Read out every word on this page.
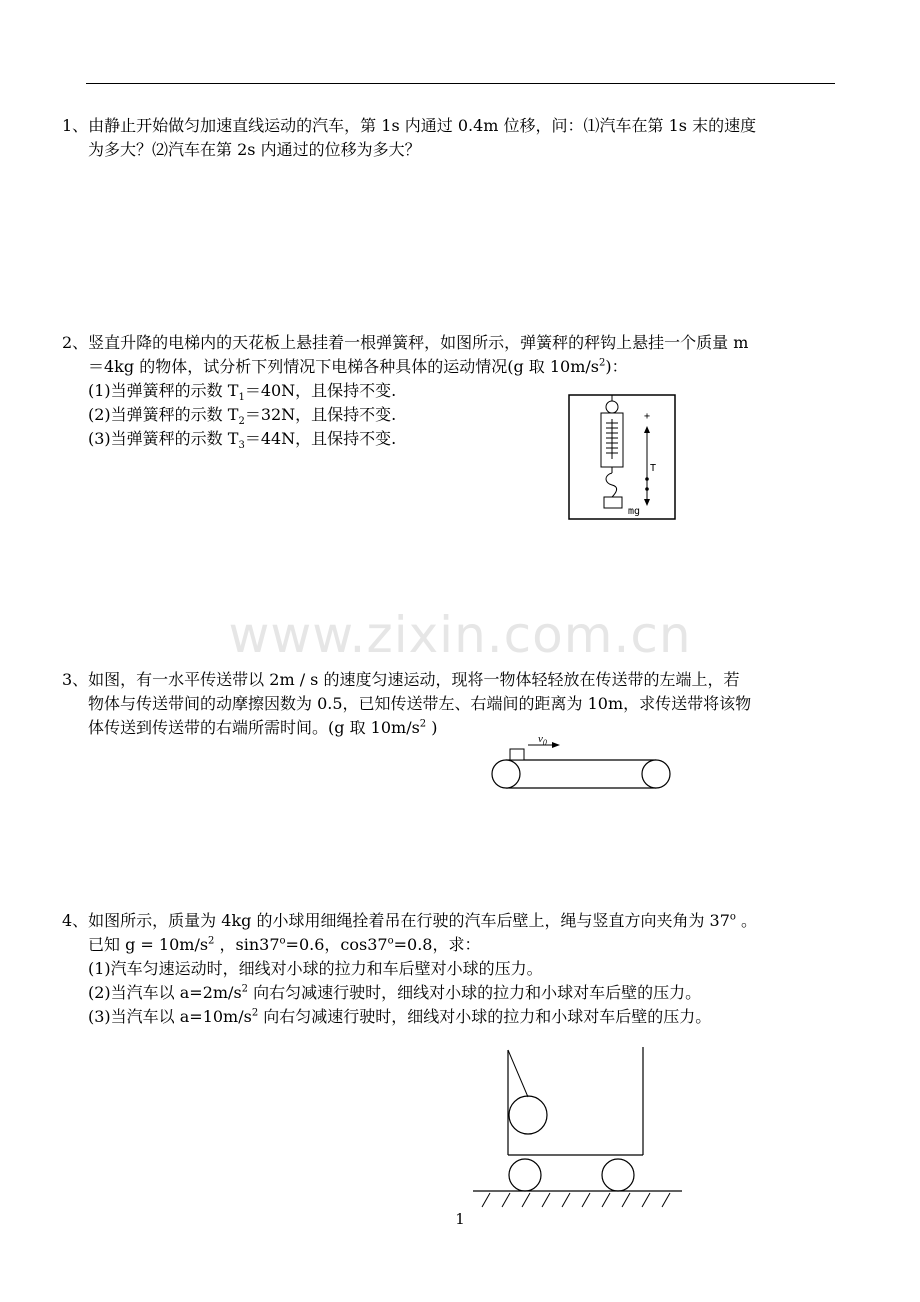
www.zixin.com.cn
1、由静止开始做匀加速直线运动的汽车，第 1s 内通过 0.4m 位移，问：⑴汽车在第 1s 末的速度
为多大？⑵汽车在第 2s 内通过的位移为多大？
2、竖直升降的电梯内的天花板上悬挂着一根弹簧秤，如图所示，弹簧秤的秤钩上悬挂一个质量 m
＝4kg 的物体，试分析下列情况下电梯各种具体的运动情况(g 取 $10m/s^2$)：
(1)当弹簧秤的示数 $T_1=40N$，且保持不变.
(2)当弹簧秤的示数 $T_2=32N$，且保持不变.
(3)当弹簧秤的示数 $T_3=44N$，且保持不变.
+
T
mg
3、如图，有一水平传送带以 2m / s 的速度匀速运动，现将一物体轻轻放在传送带的左端上，若
物体与传送带间的动摩擦因数为 0.5，已知传送带左、右端间的距离为 10m，求传送带将该物
体传送到传送带的右端所需时间。(g 取 $10m/s^2$ )
$v_0$
4、如图所示，质量为 4kg 的小球用细绳拴着吊在行驶的汽车后壁上，绳与竖直方向夹角为 37$^o$ 。
已知 $g = 10m/s^2$ ，$\sin 37^o=0.6$，$\cos 37^o=0.8$，求：
(1)汽车匀速运动时，细线对小球的拉力和车后壁对小球的压力。
(2)当汽车以 $a=2m/s^2$ 向右匀减速行驶时，细线对小球的拉力和小球对车后壁的压力。
(3)当汽车以 $a=10m/s^2$ 向右匀减速行驶时，细线对小球的拉力和小球对车后壁的压力。
1
